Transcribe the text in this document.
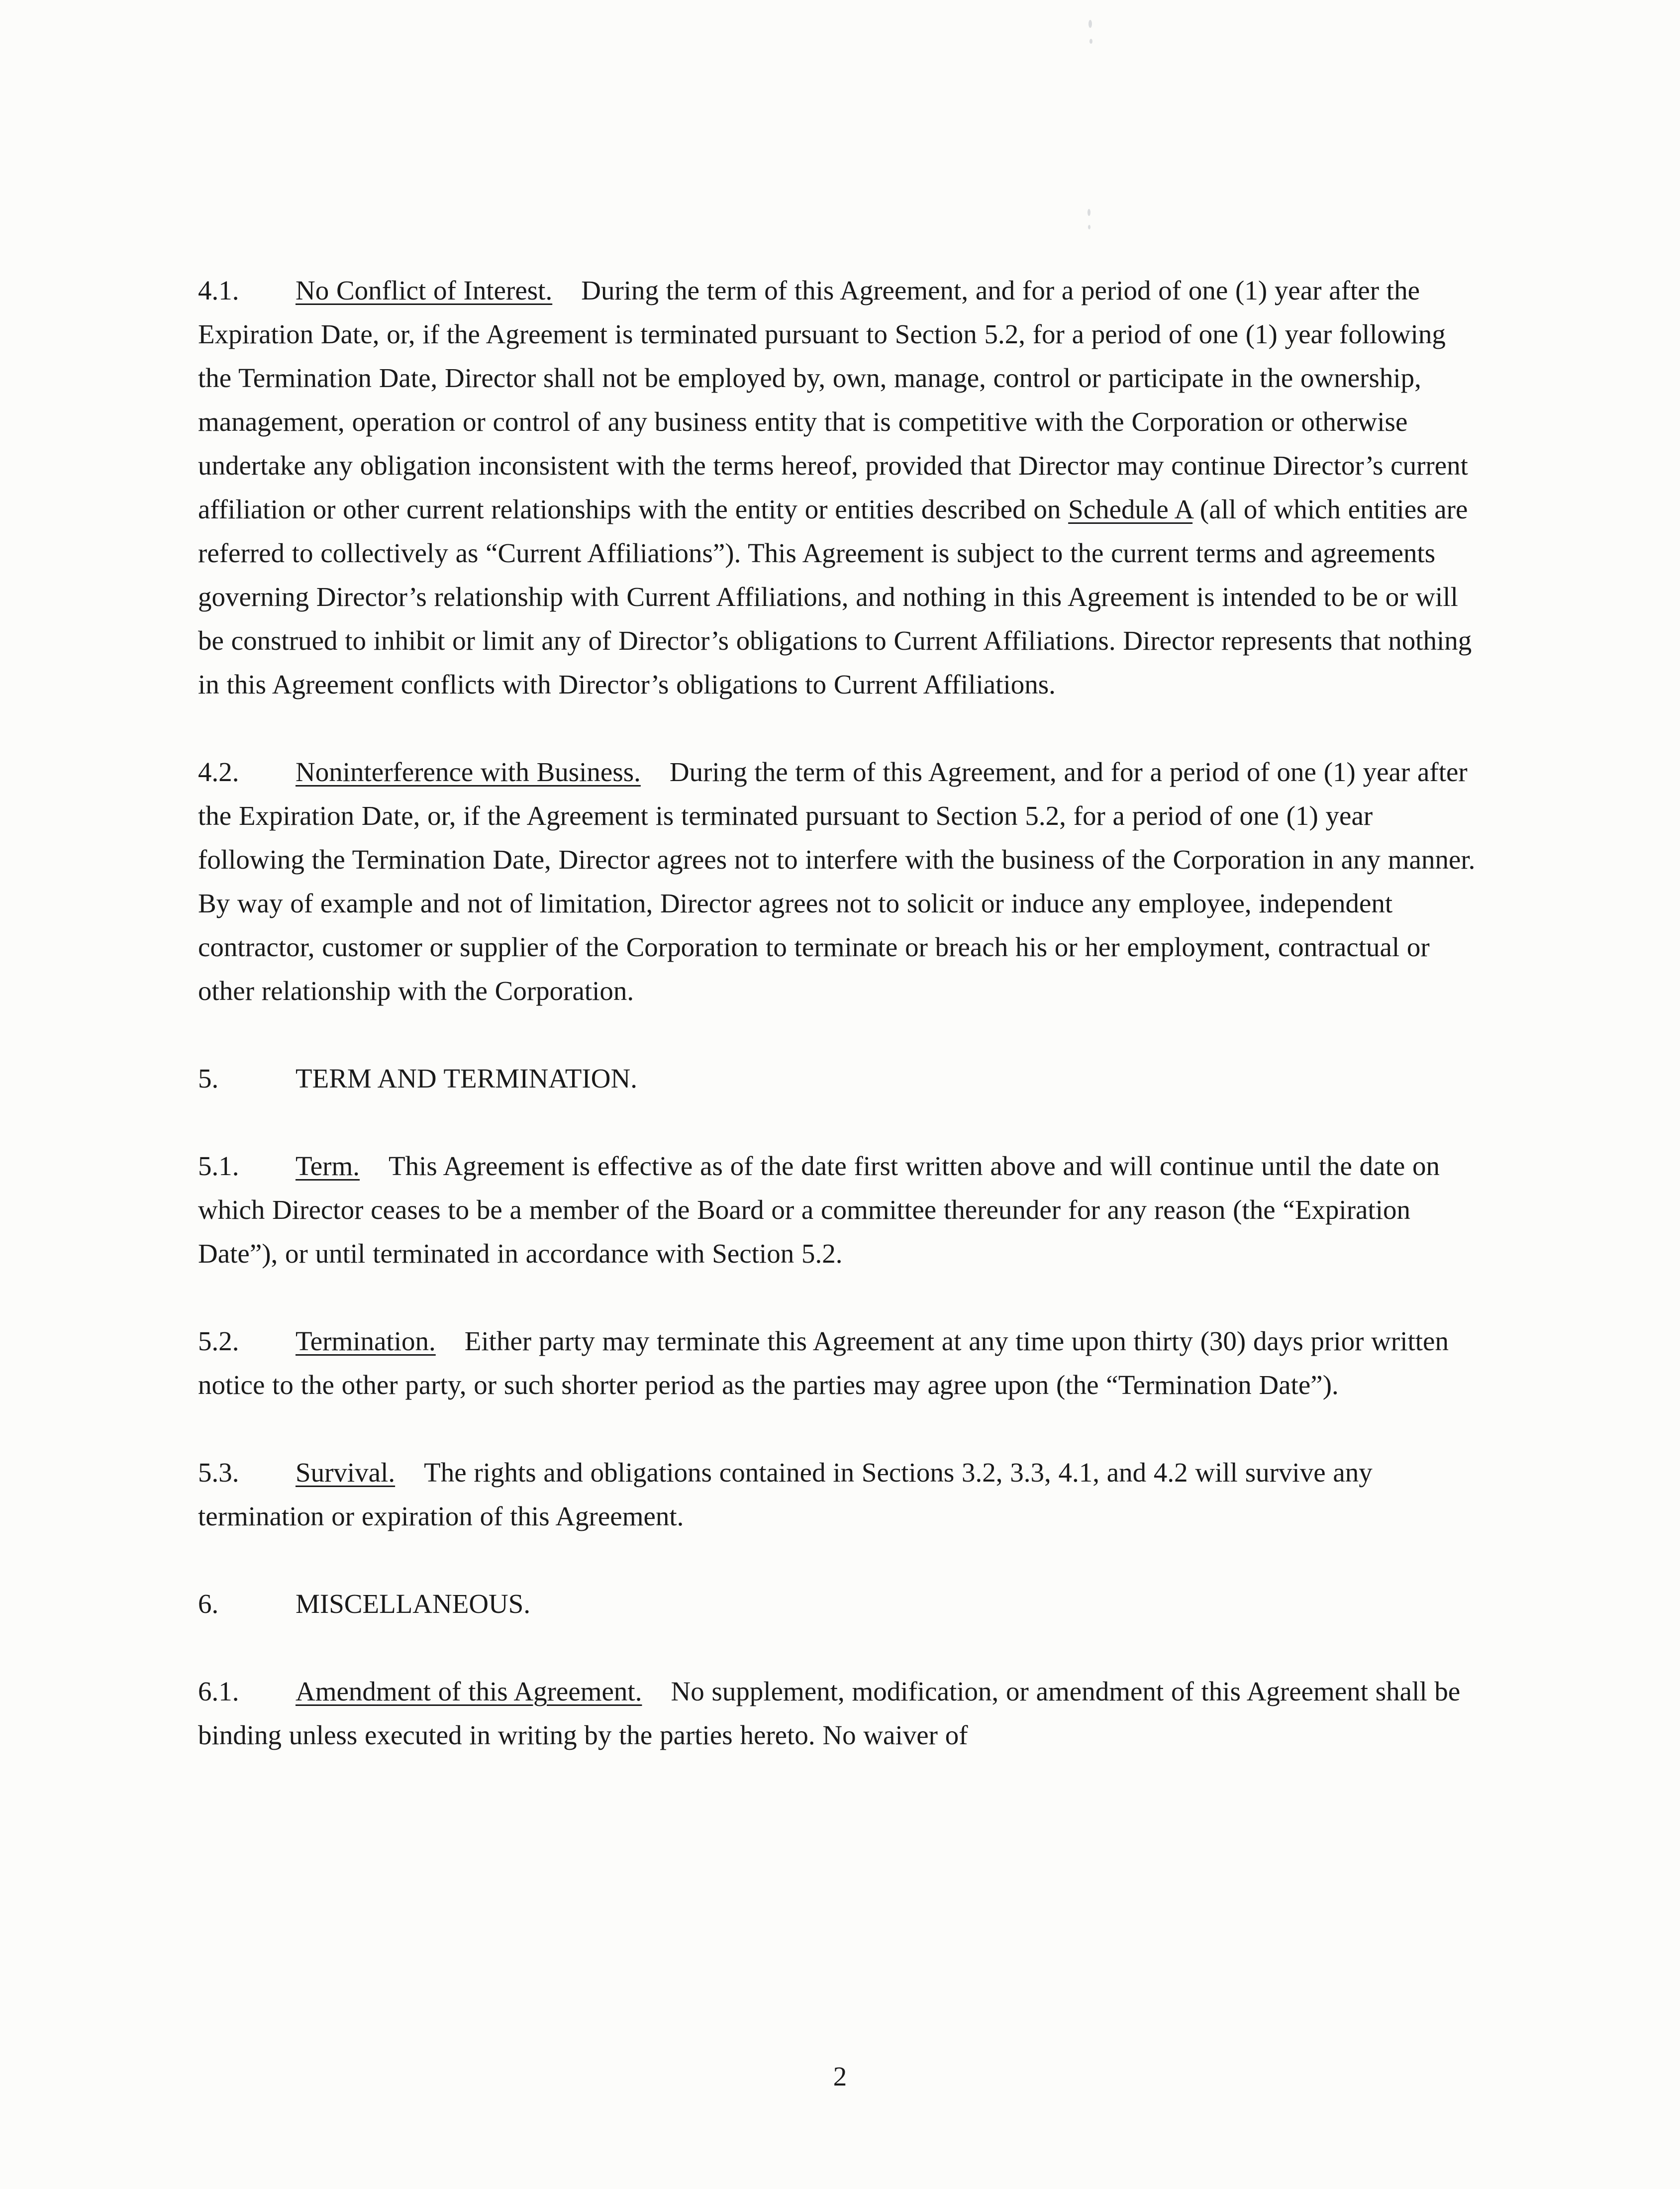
4.1. No Conflict of Interest. During the term of this Agreement, and for a period of one (1) year after the Expiration Date, or, if the Agreement is terminated pursuant to Section 5.2, for a period of one (1) year following the Termination Date, Director shall not be employed by, own, manage, control or participate in the ownership, management, operation or control of any business entity that is competitive with the Corporation or otherwise undertake any obligation inconsistent with the terms hereof, provided that Director may continue Director’s current affiliation or other current relationships with the entity or entities described on Schedule A (all of which entities are referred to collectively as “Current Affiliations”). This Agreement is subject to the current terms and agreements governing Director’s relationship with Current Affiliations, and nothing in this Agreement is intended to be or will be construed to inhibit or limit any of Director’s obligations to Current Affiliations. Director represents that nothing in this Agreement conflicts with Director’s obligations to Current Affiliations.

4.2. Noninterference with Business. During the term of this Agreement, and for a period of one (1) year after the Expiration Date, or, if the Agreement is terminated pursuant to Section 5.2, for a period of one (1) year following the Termination Date, Director agrees not to interfere with the business of the Corporation in any manner. By way of example and not of limitation, Director agrees not to solicit or induce any employee, independent contractor, customer or supplier of the Corporation to terminate or breach his or her employment, contractual or other relationship with the Corporation.

5.	TERM AND TERMINATION.

5.1. Term. This Agreement is effective as of the date first written above and will continue until the date on which Director ceases to be a member of the Board or a committee thereunder for any reason (the “Expiration Date”), or until terminated in accordance with Section 5.2.

5.2. Termination. Either party may terminate this Agreement at any time upon thirty (30) days prior written notice to the other party, or such shorter period as the parties may agree upon (the “Termination Date”).

5.3. Survival. The rights and obligations contained in Sections 3.2, 3.3, 4.1, and 4.2 will survive any termination or expiration of this Agreement.

6.	MISCELLANEOUS.

6.1. Amendment of this Agreement. No supplement, modification, or amendment of this Agreement shall be binding unless executed in writing by the parties hereto. No waiver of

2
